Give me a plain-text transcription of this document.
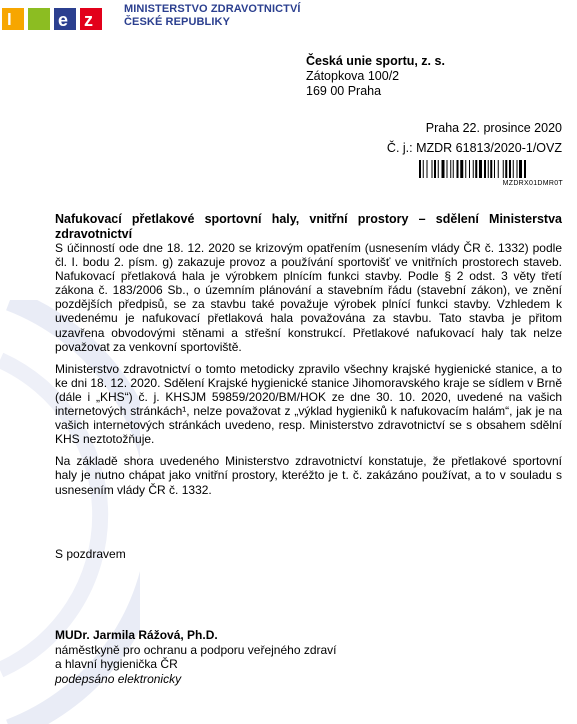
l	e z
MINISTERSTVO ZDRAVOTNICTVÍ
ČESKÉ REPUBLIKY
Česká unie sportu, z. s.
Zátopkova 100/2
169 00 Praha
Praha 22. prosince 2020
Č. j.: MZDR 61813/2020-1/OVZ
MZDRX01DMR0T
Nafukovací přetlakové sportovní haly, vnitřní prostory – sdělení Ministerstva zdravotnictví

S účinností ode dne 18. 12. 2020 se krizovým opatřením (usnesením vlády ČR č. 1332) podle čl. I. bodu 2. písm. g) zakazuje provoz a používání sportovišť ve vnitřních prostorech staveb. Nafukovací přetlaková hala je výrobkem plnícím funkci stavby. Podle § 2 odst. 3 věty třetí zákona č. 183/2006 Sb., o územním plánování a stavebním řádu (stavební zákon), ve znění pozdějších předpisů, se za stavbu také považuje výrobek plnící funkci stavby. Vzhledem k uvedenému je nafukovací přetlaková hala považována za stavbu. Tato stavba je přitom uzavřena obvodovými stěnami a střešní konstrukcí. Přetlakové nafukovací haly tak nelze považovat za venkovní sportoviště.

Ministerstvo zdravotnictví o tomto metodicky zpravilo všechny krajské hygienické stanice, a to ke dni 18. 12. 2020. Sdělení Krajské hygienické stanice Jihomoravského kraje se sídlem v Brně (dále i „KHS“) č. j. KHSJM 59859/2020/BM/HOK ze dne 30. 10. 2020, uvedené na vašich internetových stránkách¹, nelze považovat z „výklad hygieniků k nafukovacím halám“, jak je na vašich internetových stránkách uvedeno, resp. Ministerstvo zdravotnictví se s obsahem sdělní KHS neztotožňuje.

Na základě shora uvedeného Ministerstvo zdravotnictví konstatuje, že přetlakové sportovní haly je nutno chápat jako vnitřní prostory, kteréžto je t. č. zakázáno používat, a to v souladu s usnesením vlády ČR č. 1332.

S pozdravem
MUDr. Jarmila Rážová, Ph.D.
náměstkyně pro ochranu a podporu veřejného zdraví
a hlavní hygienička ČR
podepsáno elektronicky
